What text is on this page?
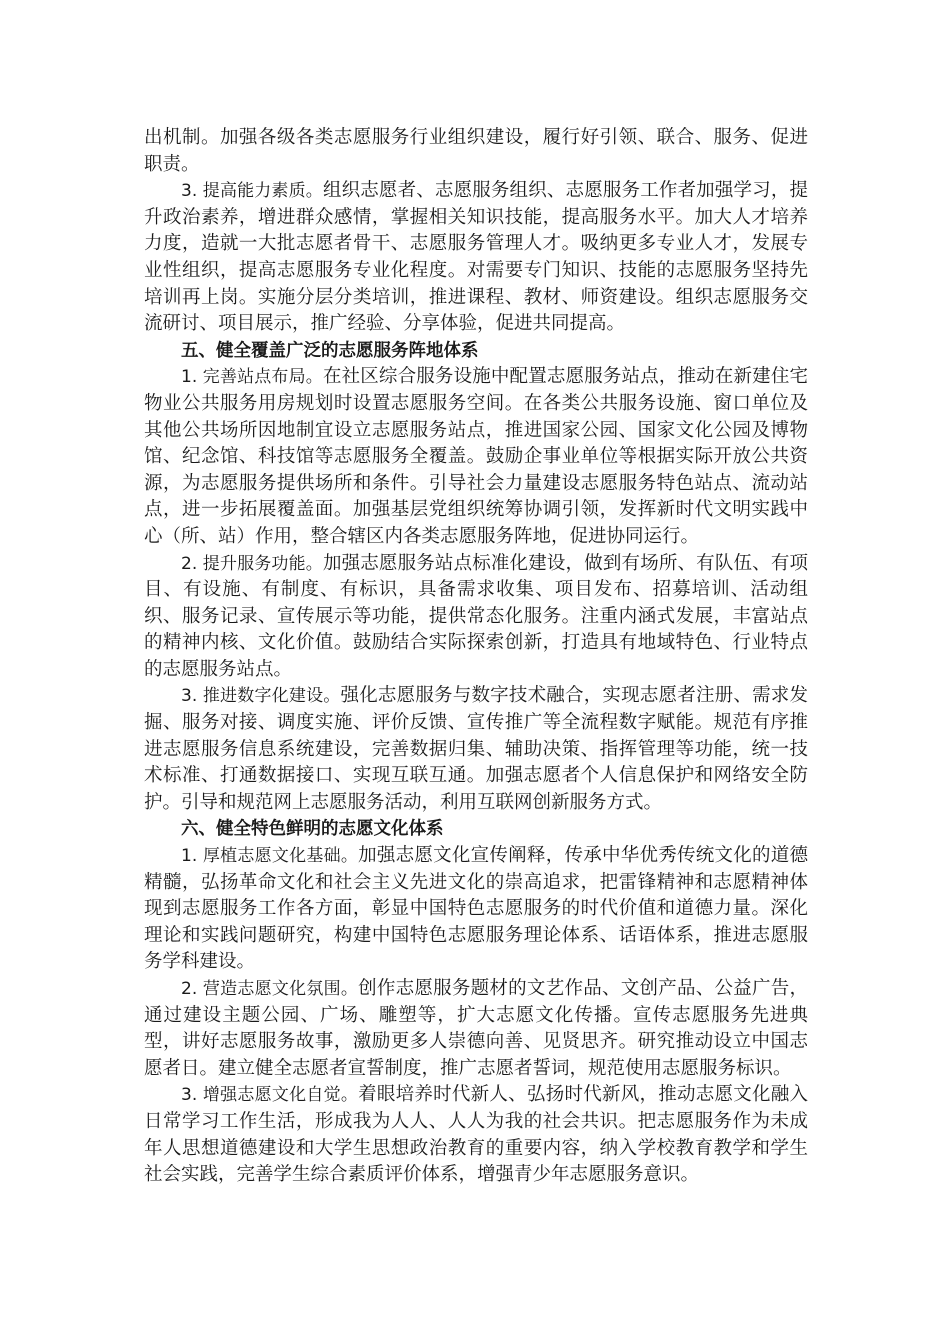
出机制。加强各级各类志愿服务行业组织建设，履行好引领、联合、服务、促进职责。

3. 提高能力素质。组织志愿者、志愿服务组织、志愿服务工作者加强学习，提升政治素养，增进群众感情，掌握相关知识技能，提高服务水平。加大人才培养力度，造就一大批志愿者骨干、志愿服务管理人才。吸纳更多专业人才，发展专业性组织，提高志愿服务专业化程度。对需要专门知识、技能的志愿服务坚持先培训再上岗。实施分层分类培训，推进课程、教材、师资建设。组织志愿服务交流研讨、项目展示，推广经验、分享体验，促进共同提高。

五、健全覆盖广泛的志愿服务阵地体系

1. 完善站点布局。在社区综合服务设施中配置志愿服务站点，推动在新建住宅物业公共服务用房规划时设置志愿服务空间。在各类公共服务设施、窗口单位及其他公共场所因地制宜设立志愿服务站点，推进国家公园、国家文化公园及博物馆、纪念馆、科技馆等志愿服务全覆盖。鼓励企事业单位等根据实际开放公共资源，为志愿服务提供场所和条件。引导社会力量建设志愿服务特色站点、流动站点，进一步拓展覆盖面。加强基层党组织统筹协调引领，发挥新时代文明实践中心（所、站）作用，整合辖区内各类志愿服务阵地，促进协同运行。

2. 提升服务功能。加强志愿服务站点标准化建设，做到有场所、有队伍、有项目、有设施、有制度、有标识，具备需求收集、项目发布、招募培训、活动组织、服务记录、宣传展示等功能，提供常态化服务。注重内涵式发展，丰富站点的精神内核、文化价值。鼓励结合实际探索创新，打造具有地域特色、行业特点的志愿服务站点。

3. 推进数字化建设。强化志愿服务与数字技术融合，实现志愿者注册、需求发掘、服务对接、调度实施、评价反馈、宣传推广等全流程数字赋能。规范有序推进志愿服务信息系统建设，完善数据归集、辅助决策、指挥管理等功能，统一技术标准、打通数据接口、实现互联互通。加强志愿者个人信息保护和网络安全防护。引导和规范网上志愿服务活动，利用互联网创新服务方式。

六、健全特色鲜明的志愿文化体系

1. 厚植志愿文化基础。加强志愿文化宣传阐释，传承中华优秀传统文化的道德精髓，弘扬革命文化和社会主义先进文化的崇高追求，把雷锋精神和志愿精神体现到志愿服务工作各方面，彰显中国特色志愿服务的时代价值和道德力量。深化理论和实践问题研究，构建中国特色志愿服务理论体系、话语体系，推进志愿服务学科建设。

2. 营造志愿文化氛围。创作志愿服务题材的文艺作品、文创产品、公益广告，通过建设主题公园、广场、雕塑等，扩大志愿文化传播。宣传志愿服务先进典型，讲好志愿服务故事，激励更多人崇德向善、见贤思齐。研究推动设立中国志愿者日。建立健全志愿者宣誓制度，推广志愿者誓词，规范使用志愿服务标识。

3. 增强志愿文化自觉。着眼培养时代新人、弘扬时代新风，推动志愿文化融入日常学习工作生活，形成我为人人、人人为我的社会共识。把志愿服务作为未成年人思想道德建设和大学生思想政治教育的重要内容，纳入学校教育教学和学生社会实践，完善学生综合素质评价体系，增强青少年志愿服务意识。
